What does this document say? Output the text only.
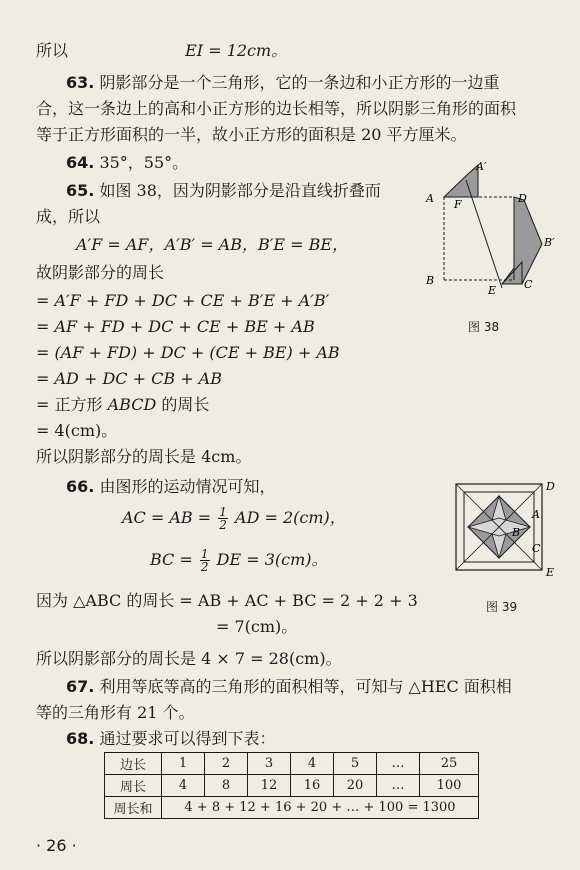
所以	EI = 12cm。
63. 阴影部分是一个三角形，它的一条边和小正方形的一边重
合，这一条边上的高和小正方形的边长相等，所以阴影三角形的面积
等于正方形面积的一半，故小正方形的面积是 20 平方厘米。
64. 35°，55°。
65. 如图 38，因为阴影部分是沿直线折叠而
成，所以
A′F = AF，A′B′ = AB，B′E = BE，
故阴影部分的周长
= A′F + FD + DC + CE + B′E + A′B′
= AF + FD + DC + CE + BE + AB
= (AF + FD) + DC + (CE + BE) + AB
= AD + DC + CB + AB
= 正方形 ABCD 的周长
= 4(cm)。
所以阴影部分的周长是 4cm。
A′
A F	D
B′
B
E	C
图 38
66. 由图形的运动情况可知，
AC = AB = $\frac{1}{2}$ AD = 2(cm)，
BC = $\frac{1}{2}$ DE = 3(cm)。
因为 △ABC 的周长 = AB + AC + BC = 2 + 2 + 3
= 7(cm)。
所以阴影部分的周长是 4 × 7 = 28(cm)。
D
A
B
C
E
图 39
67. 利用等底等高的三角形的面积相等，可知与 △HEC 面积相
等的三角形有 21 个。
68. 通过要求可以得到下表：
边长	1	2	3	4	5	…	25
周长	4	8	12	16	20	…	100
周长和	4 + 8 + 12 + 16 + 20 + … + 100 = 1300						
· 26 ·
